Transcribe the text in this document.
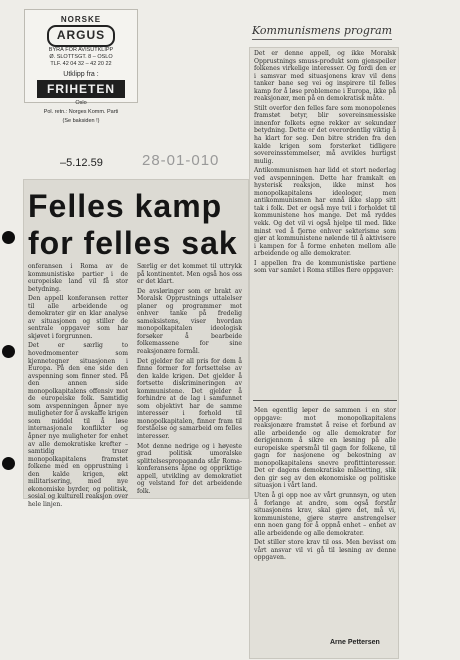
NORSKE
ARGUS
BYRÅ FOR AVISUTKLIPP
Ø. SLOTTSGT. 8 – OSLO
TLF. 42 04 32 – 42 20 22
Utklipp fra :
FRIHETEN
Oslo
Pol. retn.: Norges Komm. Parti
(Se baksiden !)
–5.12.59	28-01-010
Kommunismens program
Felles kamp
for felles sak

onferansen i Roma av de kommunistiske partier i de europeiske land vil få stor betydning.

Den appell konferansen retter til alle arbeidende og demokrater gir en klar analyse av situasjonen og stiller de sentrale oppgaver som har skjøvet i forgrunnen.

Det er særlig to hovedmomenter som kjennetegner situasjonen i Europa. På den ene side den avspenning som finner sted. På den annen side monopolkapitalens offensiv mot de europeiske folk. Samtidig som avspenningen åpner nye muligheter for å avskaffe krigen som middel til å løse internasjonale konflikter og åpner nye muligheter for enhet av alle demokratiske krefter – samtidig truer monopolkapitalens framstøt folkene med en opprustning i den kalde krigen, økt militarisering, med nye økonomiske byrder, og politisk, sosial og kulturell reaksjon over hele linjen.

Særlig er det kommet til uttrykk på kontinentet. Men også hos oss er det klart.

De avsløringer som er brakt av Moralsk Opprustnings uttalelser planer og programmer mot enhver tanke på fredelig sameksistens, viser hvordan monopolkapitalen ideologisk forsøker å bearbeide folkemassene for sine reaksjonære formål.

Det gjelder for all pris for dem å finne former for fortsettelse av den kalde krigen. Det gjelder å fortsette diskrimineringen av kommunistene. Det gjelder å forhindre at de lag i samfunnet som objektivt har de samme interesser i forhold til monopolkapitalen, finner fram til forståelse og samarbeid om felles interesser.

Mot denne nedrige og i høyeste grad politisk umoralske splittelsespropaganda står Roma-konferansens åpne og oppriktige appell, utvikling av demokratiet og velstand for det arbeidende folk.

Det er denne appell, og ikke Moralsk Opprustnings smuss-produkt som gjenspeiler folkenes virkelige interesser. Og fordi den er i samsvar med situasjonens krav vil dens tanker bane seg vei og inspirere til felles kamp for å løse problemene i Europa, ikke på reaksjonær, men på en demokratisk måte.

Stilt overfor den felles fare som monopolenes framstøt betyr, blir sovereinsmessiske innenfor folkets egne rekker av sekundær betydning. Dette er det overordentlig viktig å ha klart for seg. Den bitre striden fra den kalde krigen som forsterket tidligere sovereinsstemmelser, må avvikles hurtigst mulig.

Antikommunismen har lidd et stort nederlag ved avspenningen. Dette har framkalt en hysterisk reaksjon, ikke minst hos monopolkapitalens ideologer, men antikommunismen har ennå ikke slapp sitt tak i folk. Det er også mye tvil i forholdet til kommunistene hos mange. Det må ryddes vekk. Og det vil vi også hjelpe til med. Ikke minst ved å fjerne enhver sekterisme som gjør at kommunistene nølende til å aktivisere i kampen for å forme enheten mellom alle arbeidende og alle demokrater.

I appellen fra de kommunistiske partiene som var samlet i Roma stilles flere oppgaver:

Men egentlig løper de sammen i en stor oppgave: mot monopolkapitalens reaksjonære framstøt å reise et forbund av alle arbeidende og alle demokrater for derigjennom å sikre en løsning på alle europeiske spørsmål til gagn for folkene, til gagn for nasjonene og bekostning av monopolkapitalens snevre profittinteresser. Det er dagens demokratiske målsetting, slik den gir seg av den økonomiske og politiske situasjon i vårt land.

Uten å gi opp noe av vårt grunnsyn, og uten å forlange at andre, som også forstår situasjonens krav, skal gjøre det, må vi, kommunistene, gjøre større anstrengelser enn noen gang for å oppnå enhet – enhet av alle arbeidende og alle demokrater.

Det stiller store krav til oss. Men bevisst om vårt ansvar vil vi gå til løsning av denne oppgaven.

Arne Pettersen
